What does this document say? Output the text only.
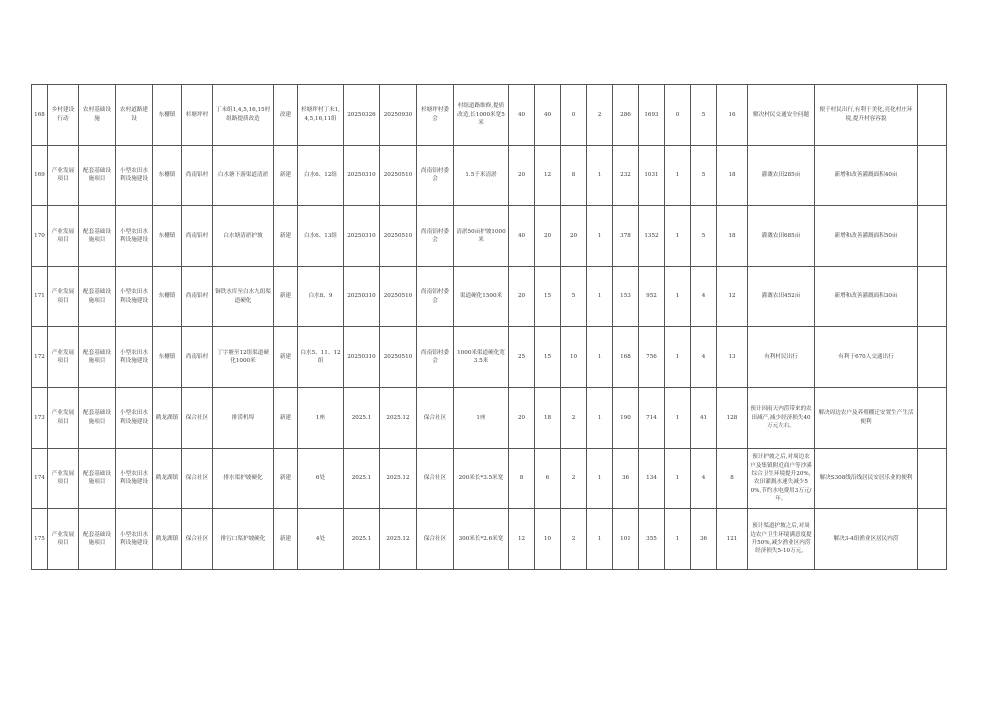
168	乡村建设行动	农村基础设施	农村道路建设	东栅镇	杉塘坪村	丁未组1,4,5,16,15村组路提质改造	改建	杉塘坪村丁未1,4,5,16,11组	20250326	20250930	杉塘坪村委会	村组道路维修,提质改造,长1000米宽5米	40	40	0	2	286	1693	0	5	16	解决村民交通安全问题	便于村民出行,有利于美化,亮化村庄环境,提升村容容貌	
169	产业发展项目	配套基础设施项目	小型农田水利设施建设	东栅镇	尚南铝村	白水塘下游渠道清淤	新建	白水6、12组	20250310	20250510	尚南铝村委会	1.5千米清淤	20	12	8	1	232	1031	1	5	18	灌溉农田285亩	新增和改善灌溉面积40亩	
170	产业发展项目	配套基础设施项目	小型农田水利设施建设	东栅镇	尚南铝村	白水塘清淤护坡	新建	白水6、13组	20250310	20250510	尚南铝村委会	清淤50亩护坡1000米	40	20	20	1	378	1352	1	5	18	灌溉农田685亩	新增和改善灌溉面积50亩	
171	产业发展项目	配套基础设施项目	小型农田水利设施建设	东栅镇	尚南铝村	铜铁水库至白水九组渠道硬化	新建	白水8、9	20250310	20250510	尚南铝村委会	渠道硬化1500米	20	15	5	1	153	952	1	4	12	灌溉农田452亩	新增和改善灌溉面积30亩	
172	产业发展项目	配套基础设施项目	小型农田水利设施建设	东栅镇	尚南铝村	丁字塘至12组渠道硬化1000米	新建	白水5、11、12组	20250310	20250510	尚南铝村委会	1000米渠道硬化宽3.5米	25	15	10	1	168	756	1	4	13	有利村民出行	有利于670人交通出行	
173	产业发展项目	配套基础设施项目	小型农田水利设施建设	鹤龙湖镇	保合社区	排涝机埠	新建	1座	2025.1	2025.12	保合社区	1座	20	18	2	1	190	714	1	41	128	预计因雨天内涝带来的农田减产,减少经济损失40万元左右。	解决周边农户及养殖棚迁安置生产生活便利	
174	产业发展项目	配套基础设施项目	小型农田水利设施建设	鹤龙湖镇	保合社区	排水渠护坡硬化	新建	6处	2025.1	2025.12	保合社区	200米长*3.5米宽	8	6	2	1	36	134	1	4	8	预计护坡之后,对周边农户及集镇附近商户等沙溪综合卫生环境提升20%,农田灌溉水速失减少50%,节约水电费用3万元/年。	解决S308线沿线居民安居乐业的便利	
175	产业发展项目	配套基础设施项目	小型农田水利设施建设	鹤龙湖镇	保合社区	排污口渠护坡硬化	新建	4处	2025.1	2025.12	保合社区	300米长*2.6米宽	12	10	2	1	101	355	1	36	121	预计渠道护坡之后,对周边农户卫生环境满意度提升50%,减少渔业区内涝经济损失5-10万元。	解决3-4组渔业区居民内涝	
